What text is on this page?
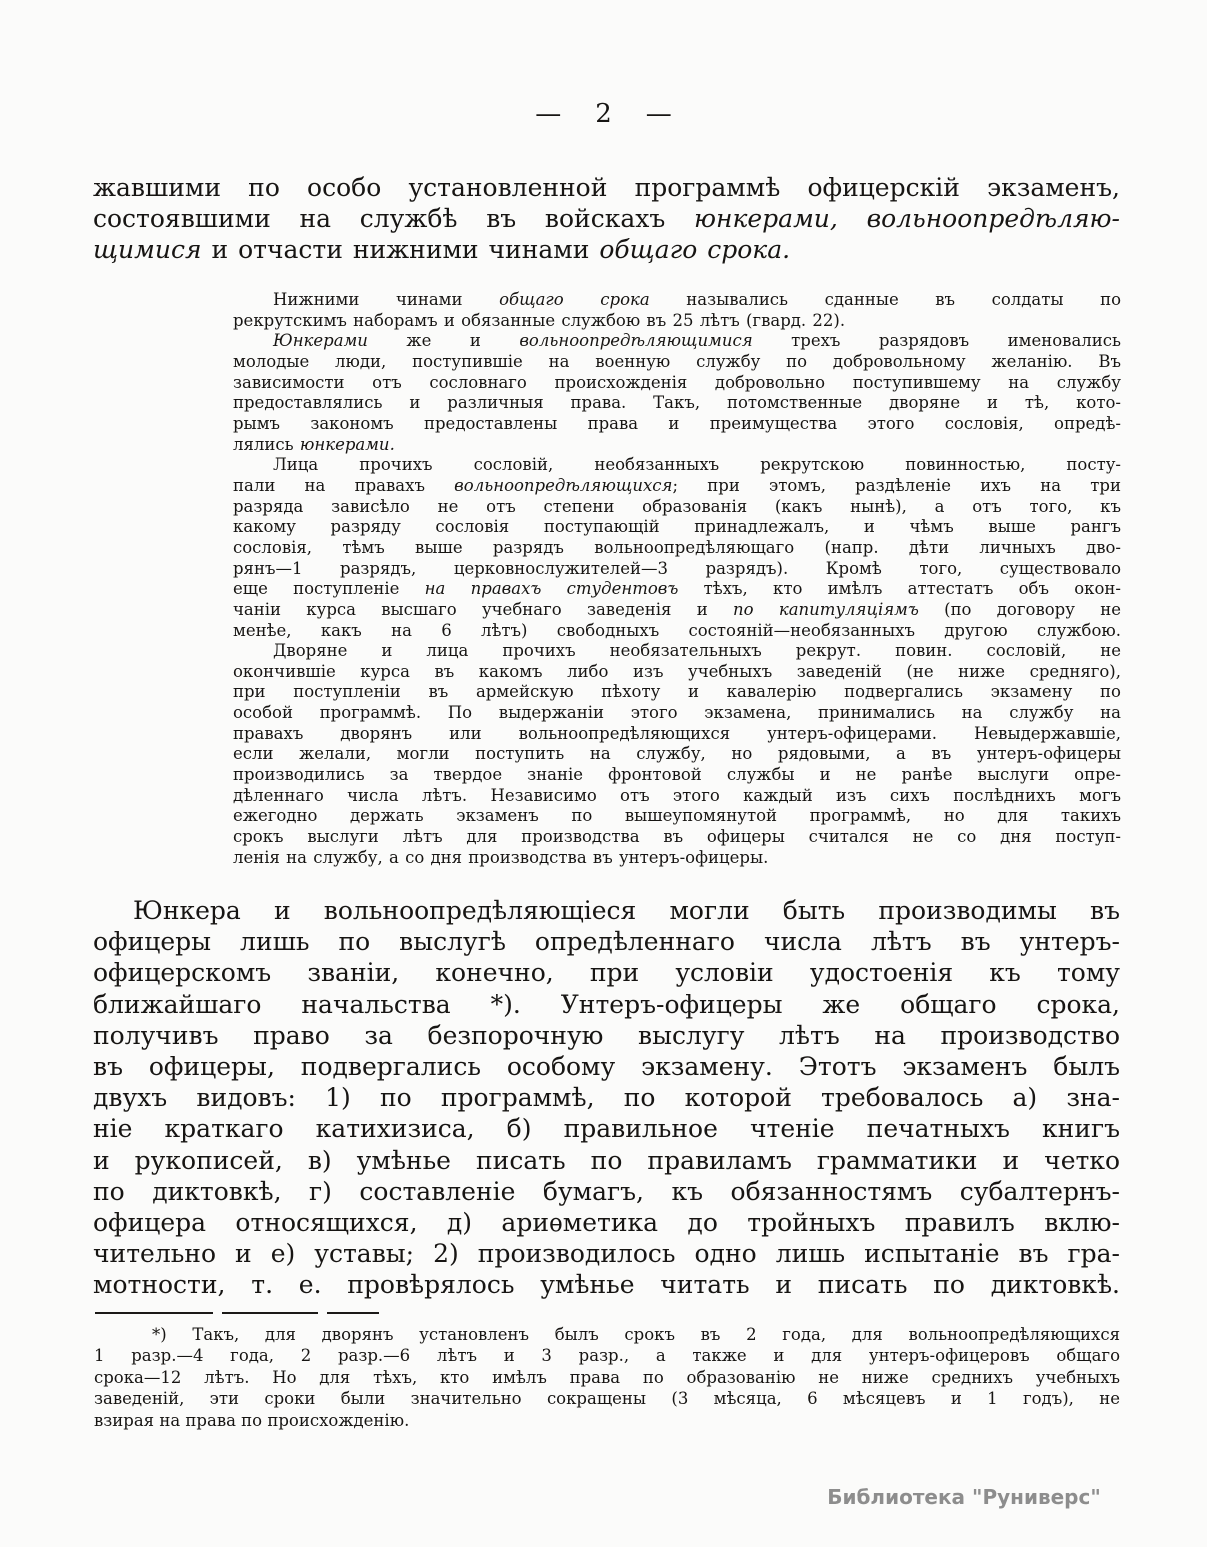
— 2 —
жавшими по особо установленной программѣ офицерскій экзаменъ,
состоявшими на службѣ въ войскахъ юнкерами, вольноопредѣляю-
щимися и отчасти нижними чинами общаго срока.
Нижними чинами общаго срока назывались сданные въ солдаты по
рекрутскимъ наборамъ и обязанные службою въ 25 лѣтъ (гвард. 22).
Юнкерами же и вольноопредѣляющимися трехъ разрядовъ именовались
молодые люди, поступившіе на военную службу по добровольному желанію. Въ
зависимости отъ сословнаго происхожденія добровольно поступившему на службу
предоставлялись и различныя права. Такъ, потомственные дворяне и тѣ, кото-
рымъ закономъ предоставлены права и преимущества этого сословія, опредѣ-
лялись юнкерами.
Лица прочихъ сословій, необязанныхъ рекрутскою повинностью, посту-
пали на правахъ вольноопредѣляющихся; при этомъ, раздѣленіе ихъ на три
разряда зависѣло не отъ степени образованія (какъ нынѣ), а отъ того, къ
какому разряду сословія поступающій принадлежалъ, и чѣмъ выше рангъ
сословія, тѣмъ выше разрядъ вольноопредѣляющаго (напр. дѣти личныхъ дво-
рянъ—1 разрядъ, церковнослужителей—3 разрядъ). Кромѣ того, существовало
еще поступленіе на правахъ студентовъ тѣхъ, кто имѣлъ аттестатъ объ окон-
чаніи курса высшаго учебнаго заведенія и по капитуляціямъ (по договору не
менѣе, какъ на 6 лѣтъ) свободныхъ состояній—необязанныхъ другою службою.
Дворяне и лица прочихъ необязательныхъ рекрут. повин. сословій, не
окончившіе курса въ какомъ либо изъ учебныхъ заведеній (не ниже средняго),
при поступленіи въ армейскую пѣхоту и кавалерію подвергались экзамену по
особой программѣ. По выдержаніи этого экзамена, принимались на службу на
правахъ дворянъ или вольноопредѣляющихся унтеръ-офицерами. Невыдержавшіе,
если желали, могли поступить на службу, но рядовыми, а въ унтеръ-офицеры
производились за твердое знаніе фронтовой службы и не ранѣе выслуги опре-
дѣленнаго числа лѣтъ. Независимо отъ этого каждый изъ сихъ послѣднихъ могъ
ежегодно держать экзаменъ по вышеупомянутой программѣ, но для такихъ
срокъ выслуги лѣтъ для производства въ офицеры считался не со дня поступ-
ленія на службу, а со дня производства въ унтеръ-офицеры.
Юнкера и вольноопредѣляющіеся могли быть производимы въ
офицеры лишь по выслугѣ опредѣленнаго числа лѣтъ въ унтеръ-
офицерскомъ званіи, конечно, при условіи удостоенія къ тому
ближайшаго начальства *). Унтеръ-офицеры же общаго срока,
получивъ право за безпорочную выслугу лѣтъ на производство
въ офицеры, подвергались особому экзамену. Этотъ экзаменъ былъ
двухъ видовъ: 1) по программѣ, по которой требовалось а) зна-
ніе краткаго катихизиса, б) правильное чтеніе печатныхъ книгъ
и рукописей, в) умѣнье писать по правиламъ грамматики и четко
по диктовкѣ, г) составленіе бумагъ, къ обязанностямъ субалтернъ-
офицера относящихся, д) ариѳметика до тройныхъ правилъ вклю-
чительно и е) уставы; 2) производилось одно лишь испытаніе въ гра-
мотности, т. е. провѣрялось умѣнье читать и писать по диктовкѣ.
*) Такъ, для дворянъ установленъ былъ срокъ въ 2 года, для вольноопредѣляющихся
1 разр.—4 года, 2 разр.—6 лѣтъ и 3 разр., а также и для унтеръ-офицеровъ общаго
срока—12 лѣтъ. Но для тѣхъ, кто имѣлъ права по образованію не ниже среднихъ учебныхъ
заведеній, эти сроки были значительно сокращены (3 мѣсяца, 6 мѣсяцевъ и 1 годъ), не
взирая на права по происхожденію.
Библиотека "Руниверс"
